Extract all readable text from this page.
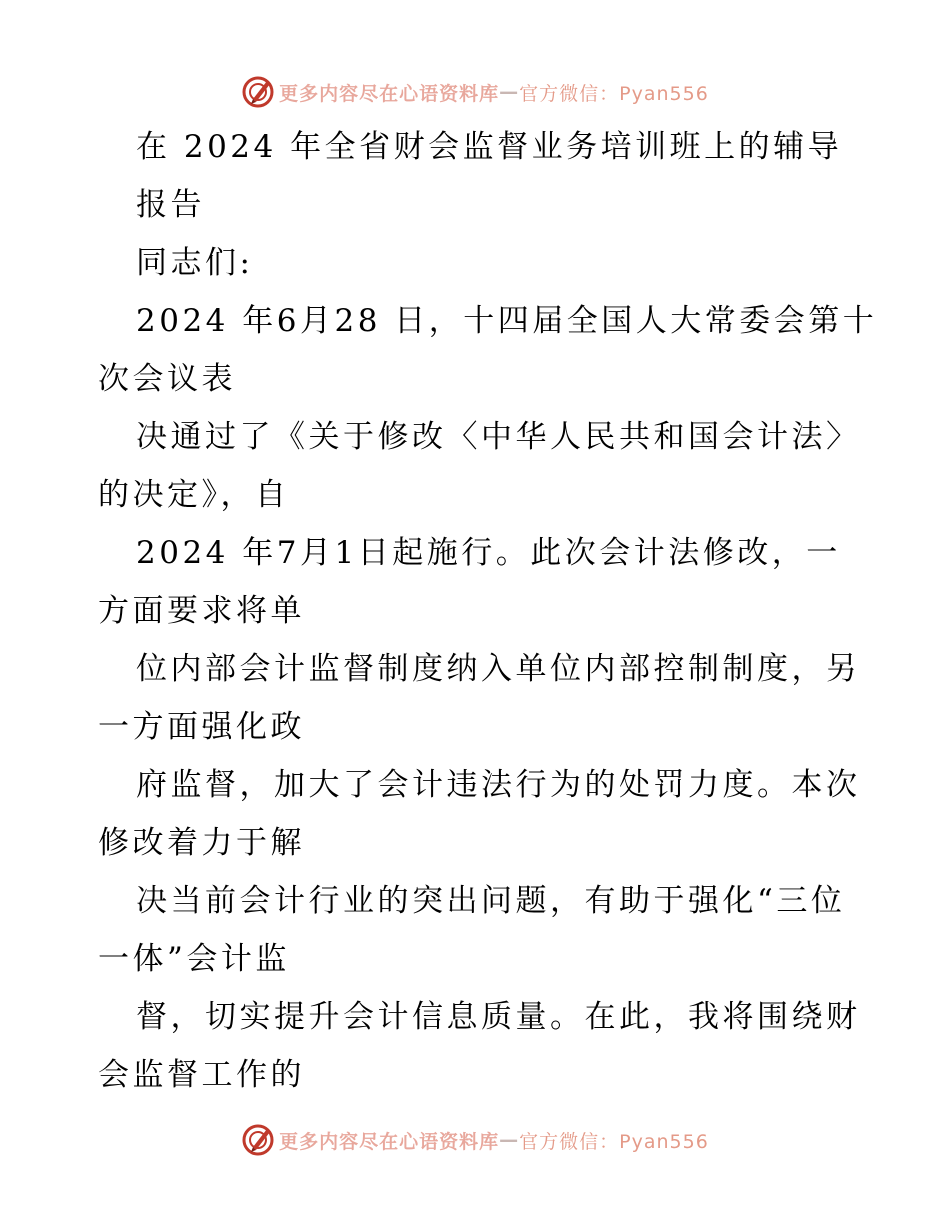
更多内容尽在心语资料库 — 官方微信：Pyan556
在 2024 年全省财会监督业务培训班上的辅导
报告
同志们:
2024 年6月28 日，十四届全国人大常委会第十
次会议表
决通过了《关于修改〈中华人民共和国会计法〉
的决定》，自
2024 年7月1日起施行。此次会计法修改，一
方面要求将单
位内部会计监督制度纳入单位内部控制制度，另
一方面强化政
府监督，加大了会计违法行为的处罚力度。本次
修改着力于解
决当前会计行业的突出问题，有助于强化“三位
一体”会计监
督，切实提升会计信息质量。在此，我将围绕财
会监督工作的
更多内容尽在心语资料库 — 官方微信：Pyan556
